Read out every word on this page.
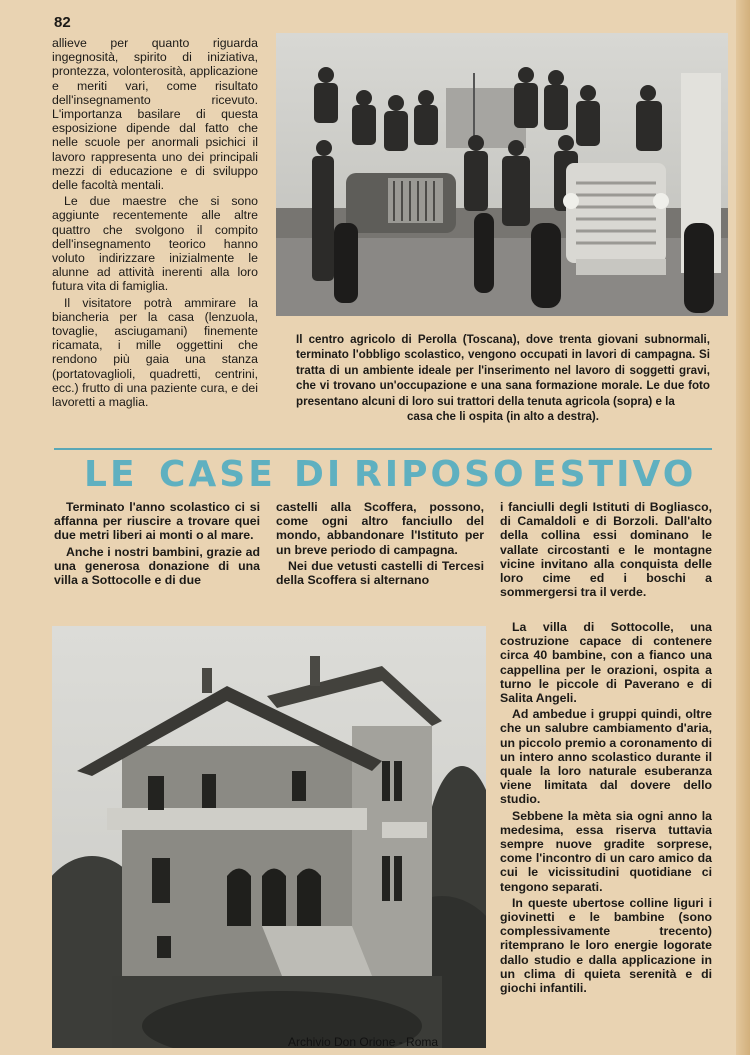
82

allieve per quanto riguarda ingegnosità, spirito di iniziativa, prontezza, volonterosità, applicazione e meriti vari, come risultato dell'insegnamento ricevuto. L'importanza basilare di questa esposizione dipende dal fatto che nelle scuole per anormali psichici il lavoro rappresenta uno dei principali mezzi di educazione e di sviluppo delle facoltà mentali.

Le due maestre che si sono aggiunte recentemente alle altre quattro che svolgono il compito dell'insegnamento teorico hanno voluto indirizzare inizialmente le alunne ad attività inerenti alla loro futura vita di famiglia.

Il visitatore potrà ammirare la biancheria per la casa (lenzuola, tovaglie, asciugamani) finemente ricamata, i mille oggettini che rendono più gaia una stanza (portatovaglioli, quadretti, centrini, ecc.) frutto di una paziente cura, e dei lavoretti a maglia.

Il centro agricolo di Perolla (Toscana), dove trenta giovani subnormali, terminato l'obbligo scolastico, vengono occupati in lavori di campagna. Si tratta di un ambiente ideale per l'inserimento nel lavoro di soggetti gravi, che vi trovano un'occupazione e una sana formazione morale. Le due foto presentano alcuni di loro sui trattori della tenuta agricola (sopra) e la
casa che li ospita (in alto a destra).
LE CASE DI RIPOSO ESTIVO

Terminato l'anno scolastico ci si affanna per riuscire a trovare quei due metri liberi ai monti o al mare.

Anche i nostri bambini, grazie ad una generosa donazione di una villa a Sottocolle e di due

castelli alla Scoffera, possono, come ogni altro fanciullo del mondo, abbandonare l'Istituto per un breve periodo di campagna.

Nei due vetusti castelli di Tercesi della Scoffera si alternano

i fanciulli degli Istituti di Bogliasco, di Camaldoli e di Borzoli. Dall'alto della collina essi dominano le vallate circostanti e le montagne vicine invitano alla conquista delle loro cime ed i boschi a sommergersi tra il verde.

La villa di Sottocolle, una costruzione capace di contenere circa 40 bambine, con a fianco una cappellina per le orazioni, ospita a turno le piccole di Paverano e di Salita Angeli.

Ad ambedue i gruppi quindi, oltre che un salubre cambiamento d'aria, un piccolo premio a coronamento di un intero anno scolastico durante il quale la loro naturale esuberanza viene limitata dal dovere dello studio.

Sebbene la mèta sia ogni anno la medesima, essa riserva tuttavia sempre nuove gradite sorprese, come l'incontro di un caro amico da cui le vicissitudini quotidiane ci tengono separati.

In queste ubertose colline liguri i giovinetti e le bambine (sono complessivamente trecento) ritemprano le loro energie logorate dallo studio e dalla applicazione in un clima di quieta serenità e di giochi infantili.

Archivio Don Orione - Roma
